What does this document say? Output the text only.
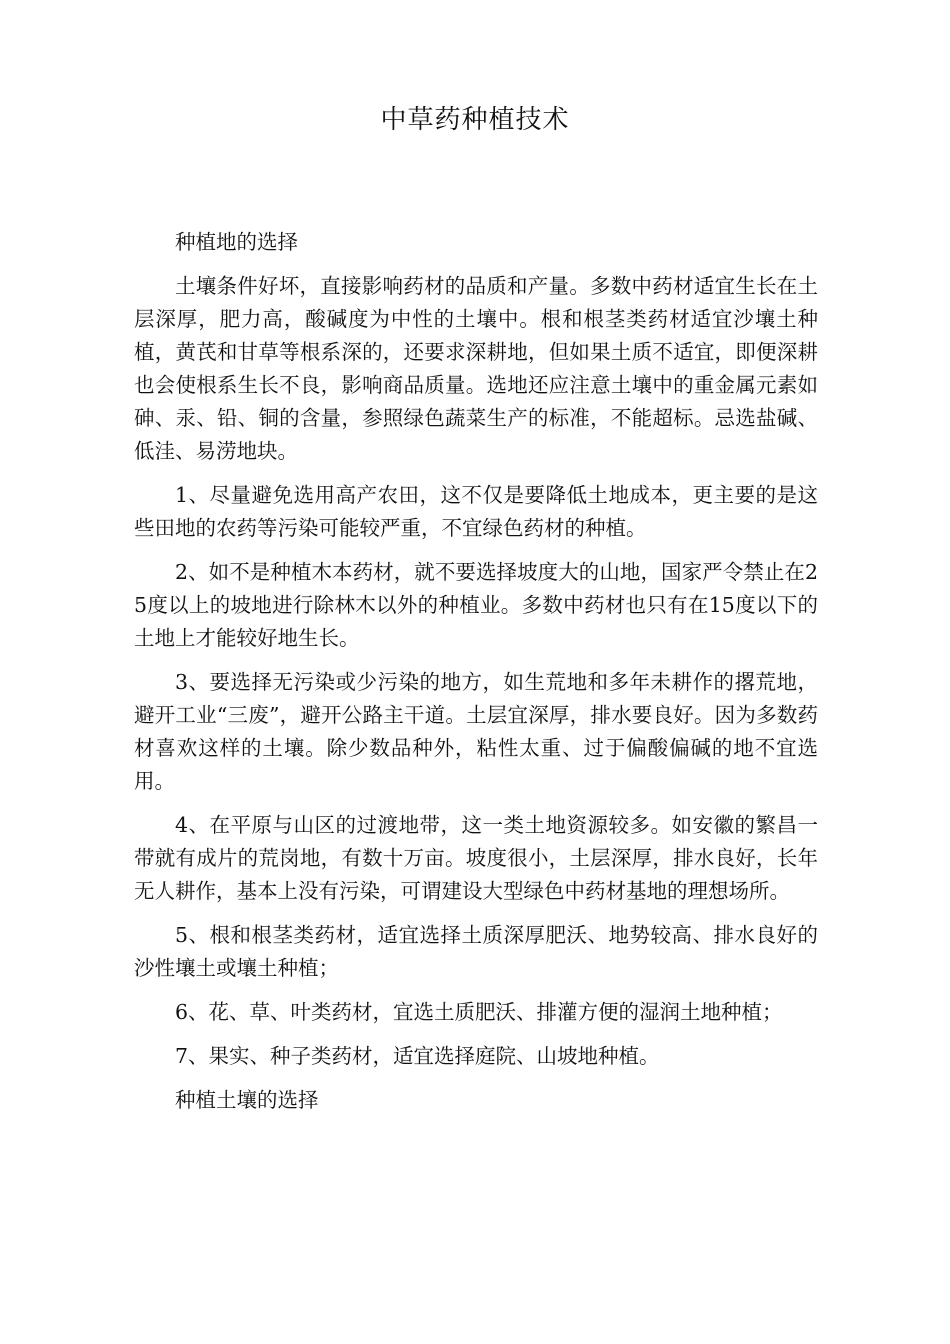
中草药种植技术

种植地的选择

土壤条件好坏，直接影响药材的品质和产量。多数中药材适宜生长在土层深厚，肥力高，酸碱度为中性的土壤中。根和根茎类药材适宜沙壤土种植，黄芪和甘草等根系深的，还要求深耕地，但如果土质不适宜，即便深耕也会使根系生长不良，影响商品质量。选地还应注意土壤中的重金属元素如砷、汞、铅、铜的含量，参照绿色蔬菜生产的标准，不能超标。忌选盐碱、低洼、易涝地块。

1、尽量避免选用高产农田，这不仅是要降低土地成本，更主要的是这些田地的农药等污染可能较严重，不宜绿色药材的种植。

2、如不是种植木本药材，就不要选择坡度大的山地，国家严令禁止在25度以上的坡地进行除林木以外的种植业。多数中药材也只有在15度以下的土地上才能较好地生长。

3、要选择无污染或少污染的地方，如生荒地和多年未耕作的撂荒地，避开工业“三废”，避开公路主干道。土层宜深厚，排水要良好。因为多数药材喜欢这样的土壤。除少数品种外，粘性太重、过于偏酸偏碱的地不宜选用。

4、在平原与山区的过渡地带，这一类土地资源较多。如安徽的繁昌一带就有成片的荒岗地，有数十万亩。坡度很小，土层深厚，排水良好，长年无人耕作，基本上没有污染，可谓建设大型绿色中药材基地的理想场所。

5、根和根茎类药材，适宜选择土质深厚肥沃、地势较高、排水良好的沙性壤土或壤土种植；

6、花、草、叶类药材，宜选土质肥沃、排灌方便的湿润土地种植；

7、果实、种子类药材，适宜选择庭院、山坡地种植。

种植土壤的选择
